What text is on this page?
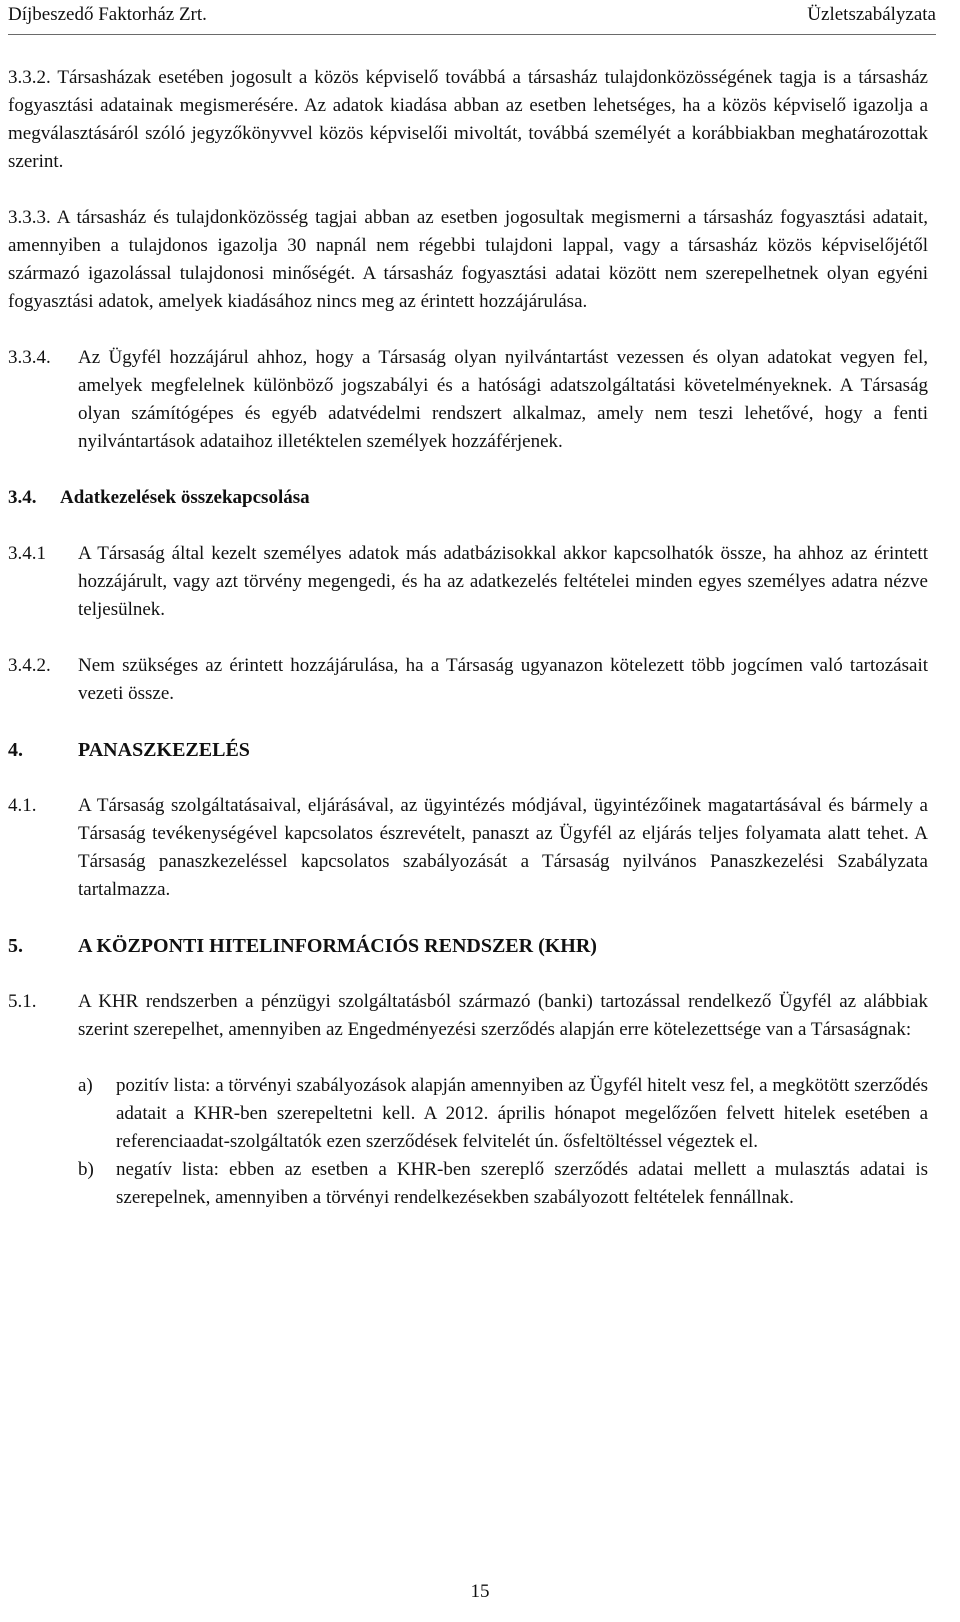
Díjbeszedő Faktorház Zrt.	Üzletszabályzata
3.3.2. Társasházak esetében jogosult a közös képviselő továbbá a társasház tulajdonközösségének tagja is a társasház fogyasztási adatainak megismerésére. Az adatok kiadása abban az esetben lehetséges, ha a közös képviselő igazolja a megválasztásáról szóló jegyzőkönyvvel közös képviselői mivoltát, továbbá személyét a korábbiakban meghatározottak szerint.
3.3.3. A társasház és tulajdonközösség tagjai abban az esetben jogosultak megismerni a társasház fogyasztási adatait, amennyiben a tulajdonos igazolja 30 napnál nem régebbi tulajdoni lappal, vagy a társasház közös képviselőjétől származó igazolással tulajdonosi minőségét. A társasház fogyasztási adatai között nem szerepelhetnek olyan egyéni fogyasztási adatok, amelyek kiadásához nincs meg az érintett hozzájárulása.
3.3.4.	Az Ügyfél hozzájárul ahhoz, hogy a Társaság olyan nyilvántartást vezessen és olyan adatokat vegyen fel, amelyek megfelelnek különböző jogszabályi és a hatósági adatszolgáltatási követelményeknek. A Társaság olyan számítógépes és egyéb adatvédelmi rendszert alkalmaz, amely nem teszi lehetővé, hogy a fenti nyilvántartások adataihoz illetéktelen személyek hozzáférjenek.
3.4.	Adatkezelések összekapcsolása
3.4.1	A Társaság által kezelt személyes adatok más adatbázisokkal akkor kapcsolhatók össze, ha ahhoz az érintett hozzájárult, vagy azt törvény megengedi, és ha az adatkezelés feltételei minden egyes személyes adatra nézve teljesülnek.
3.4.2.	Nem szükséges az érintett hozzájárulása, ha a Társaság ugyanazon kötelezett több jogcímen való tartozásait vezeti össze.
4.	PANASZKEZELÉS
4.1.	A Társaság szolgáltatásaival, eljárásával, az ügyintézés módjával, ügyintézőinek magatartásával és bármely a Társaság tevékenységével kapcsolatos észrevételt, panaszt az Ügyfél az eljárás teljes folyamata alatt tehet. A Társaság panaszkezeléssel kapcsolatos szabályozását a Társaság nyilvános Panaszkezelési Szabályzata tartalmazza.
5.	A KÖZPONTI HITELINFORMÁCIÓS RENDSZER (KHR)
5.1.	A KHR rendszerben a pénzügyi szolgáltatásból származó (banki) tartozással rendelkező Ügyfél az alábbiak szerint szerepelhet, amennyiben az Engedményezési szerződés alapján erre kötelezettsége van a Társaságnak:
a)	pozitív lista: a törvényi szabályozások alapján amennyiben az Ügyfél hitelt vesz fel, a megkötött szerződés adatait a KHR-ben szerepeltetni kell. A 2012. április hónapot megelőzően felvett hitelek esetében a referenciaadat-szolgáltatók ezen szerződések felvitelét ún. ősfeltöltéssel végeztek el.
b)	negatív lista: ebben az esetben a KHR-ben szereplő szerződés adatai mellett a mulasztás adatai is szerepelnek, amennyiben a törvényi rendelkezésekben szabályozott feltételek fennállnak.
15
